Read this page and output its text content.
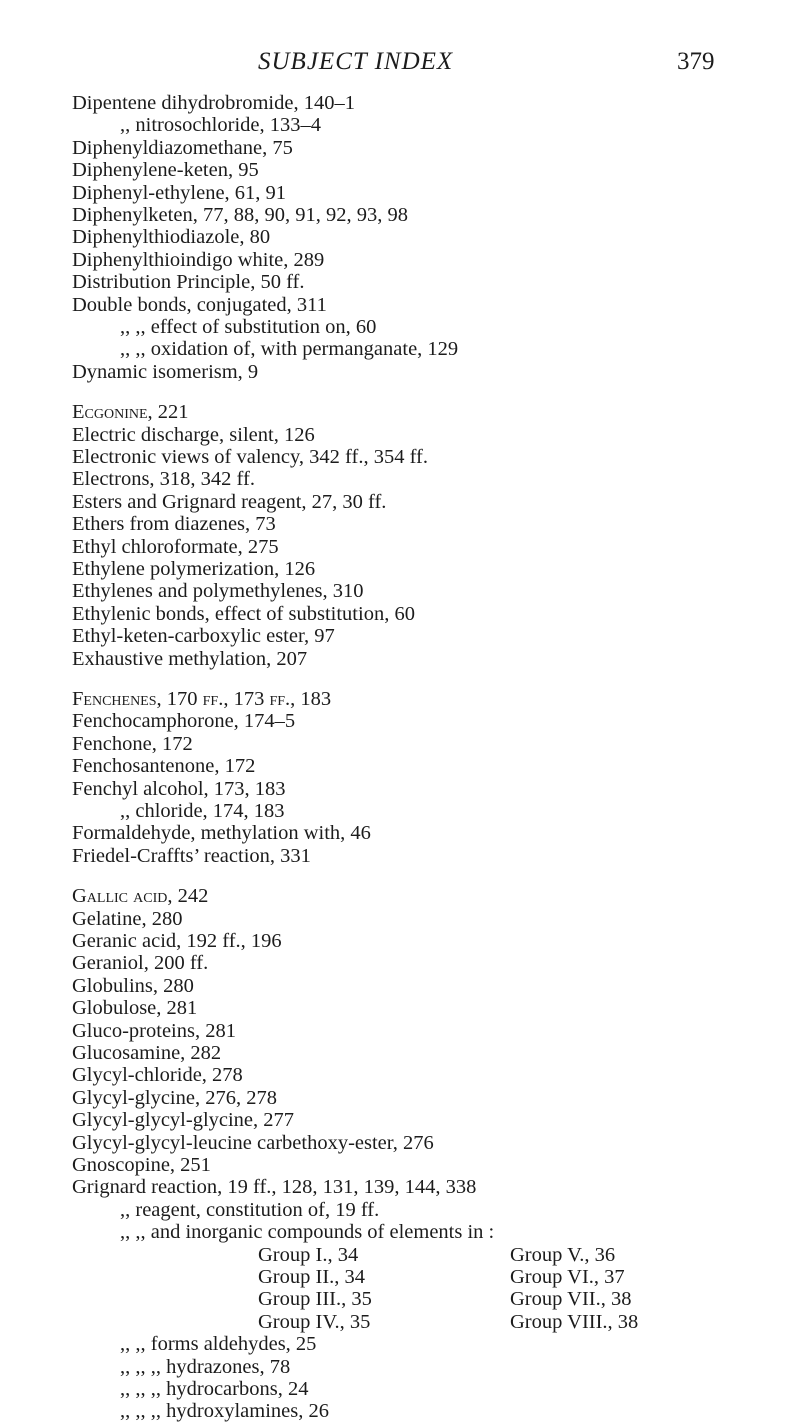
SUBJECT INDEX	379
Dipentene dihydrobromide, 140–1
,, nitrosochloride, 133–4
Diphenyldiazomethane, 75
Diphenylene-keten, 95
Diphenyl-ethylene, 61, 91
Diphenylketen, 77, 88, 90, 91, 92, 93, 98
Diphenylthiodiazole, 80
Diphenylthioindigo white, 289
Distribution Principle, 50 ff.
Double bonds, conjugated, 311
,, ,, effect of substitution on, 60
,, ,, oxidation of, with permanganate, 129
Dynamic isomerism, 9
Ecgonine, 221
Electric discharge, silent, 126
Electronic views of valency, 342 ff., 354 ff.
Electrons, 318, 342 ff.
Esters and Grignard reagent, 27, 30 ff.
Ethers from diazenes, 73
Ethyl chloroformate, 275
Ethylene polymerization, 126
Ethylenes and polymethylenes, 310
Ethylenic bonds, effect of substitution, 60
Ethyl-keten-carboxylic ester, 97
Exhaustive methylation, 207
Fenchenes, 170 ff., 173 ff., 183
Fenchocamphorone, 174–5
Fenchone, 172
Fenchosantenone, 172
Fenchyl alcohol, 173, 183
,, chloride, 174, 183
Formaldehyde, methylation with, 46
Friedel-Craffts’ reaction, 331
Gallic acid, 242
Gelatine, 280
Geranic acid, 192 ff., 196
Geraniol, 200 ff.
Globulins, 280
Globulose, 281
Gluco-proteins, 281
Glucosamine, 282
Glycyl-chloride, 278
Glycyl-glycine, 276, 278
Glycyl-glycyl-glycine, 277
Glycyl-glycyl-leucine carbethoxy-ester, 276
Gnoscopine, 251
Grignard reaction, 19 ff., 128, 131, 139, 144, 338
,, reagent, constitution of, 19 ff.
,, ,, and inorganic compounds of elements in :
Group I., 34	Group V., 36
Group II., 34	Group VI., 37
Group III., 35	Group VII., 38
Group IV., 35	Group VIII., 38
,, ,, forms aldehydes, 25
,, ,, ,, hydrazones, 78
,, ,, ,, hydrocarbons, 24
,, ,, ,, hydroxylamines, 26
